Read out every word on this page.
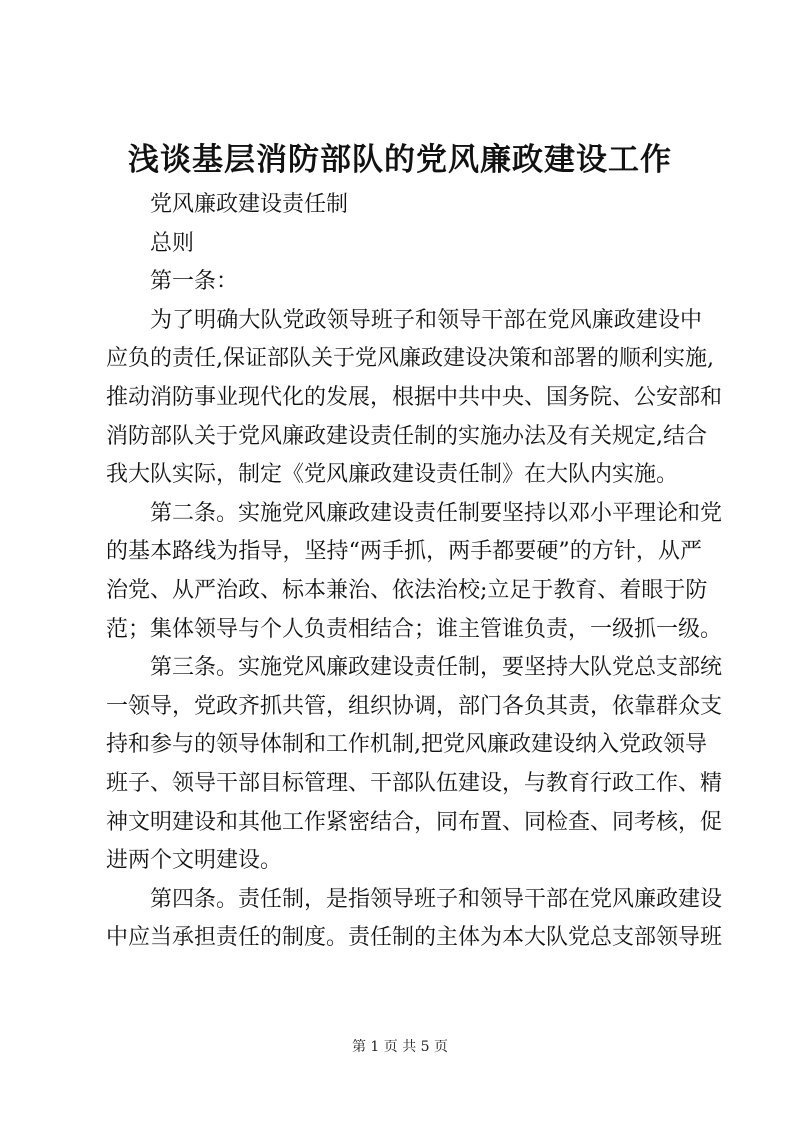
浅谈基层消防部队的党风廉政建设工作
党风廉政建设责任制
总则
第一条：
为了明确大队党政领导班子和领导干部在党风廉政建设中
应负的责任,保证部队关于党风廉政建设决策和部署的顺利实施,
推动消防事业现代化的发展，根据中共中央、国务院、公安部和
消防部队关于党风廉政建设责任制的实施办法及有关规定,结合
我大队实际，制定《党风廉政建设责任制》在大队内实施。
第二条。实施党风廉政建设责任制要坚持以邓小平理论和党
的基本路线为指导，坚持“两手抓，两手都要硬”的方针，从严
治党、从严治政、标本兼治、依法治校;立足于教育、着眼于防
范；集体领导与个人负责相结合；谁主管谁负责，一级抓一级。
第三条。实施党风廉政建设责任制，要坚持大队党总支部统
一领导，党政齐抓共管，组织协调，部门各负其责，依靠群众支
持和参与的领导体制和工作机制,把党风廉政建设纳入党政领导
班子、领导干部目标管理、干部队伍建设，与教育行政工作、精
神文明建设和其他工作紧密结合，同布置、同检查、同考核，促
进两个文明建设。
第四条。责任制，是指领导班子和领导干部在党风廉政建设
中应当承担责任的制度。责任制的主体为本大队党总支部领导班
第 1 页 共 5 页
